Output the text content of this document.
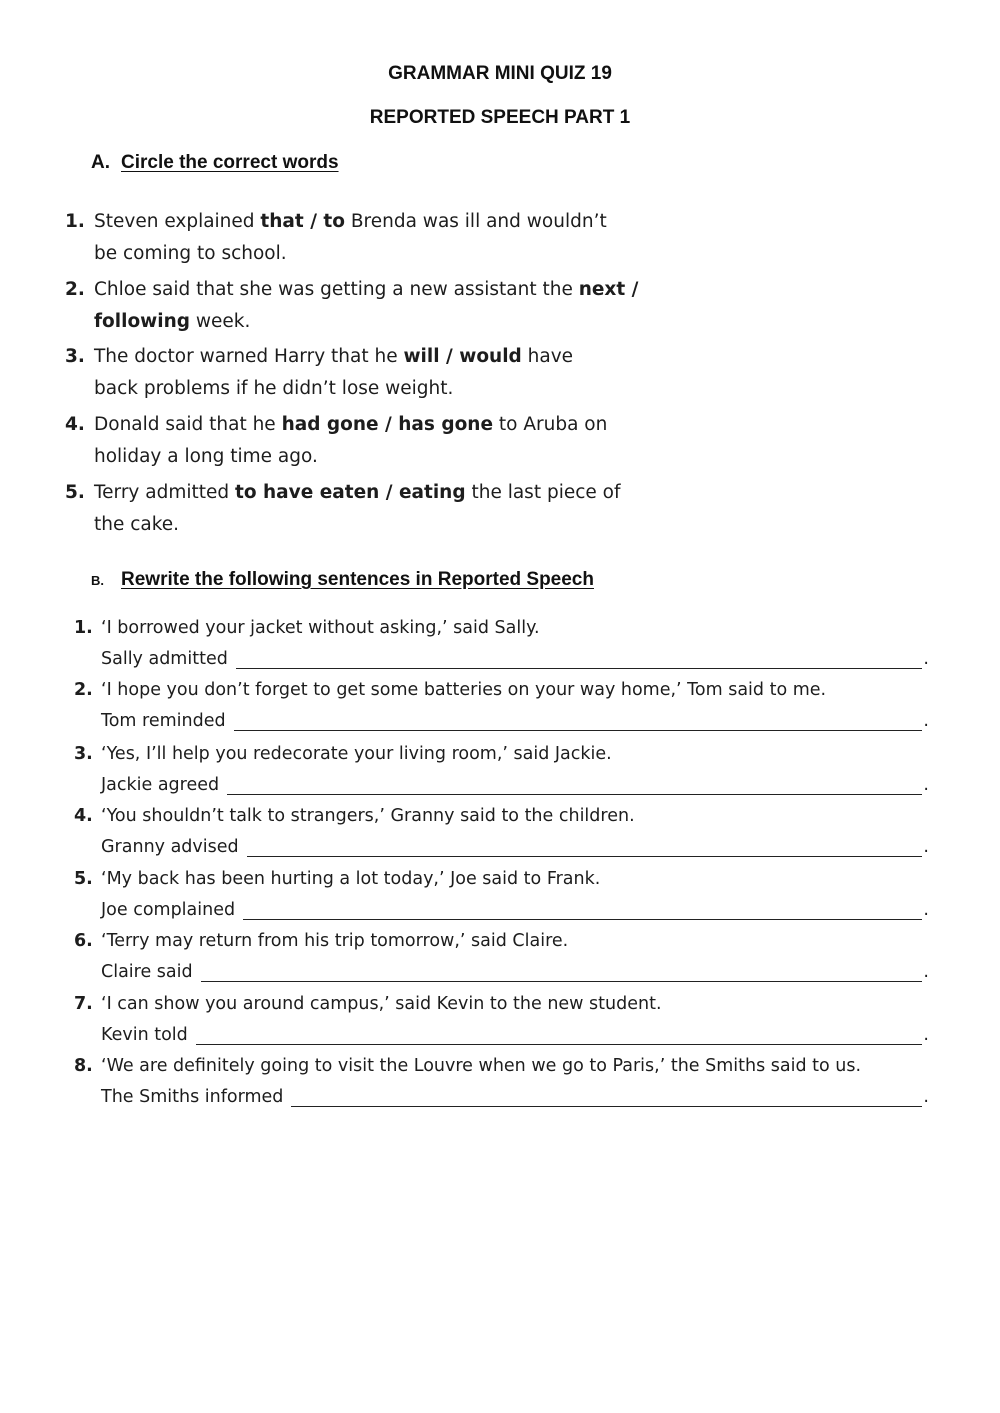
GRAMMAR MINI QUIZ 19
REPORTED SPEECH PART 1
A. Circle the correct words
1. Steven explained that / to Brenda was ill and wouldn’t
be coming to school.
2. Chloe said that she was getting a new assistant the next /
following week.
3. The doctor warned Harry that he will / would have
back problems if he didn’t lose weight.
4. Donald said that he had gone / has gone to Aruba on
holiday a long time ago.
5. Terry admitted to have eaten / eating the last piece of
the cake.
B. Rewrite the following sentences in Reported Speech
1. ‘I borrowed your jacket without asking,’ said Sally.
Sally admitted	.
2. ‘I hope you don’t forget to get some batteries on your way home,’ Tom said to me.
Tom reminded	.
3. ‘Yes, I’ll help you redecorate your living room,’ said Jackie.
Jackie agreed	.
4. ‘You shouldn’t talk to strangers,’ Granny said to the children.
Granny advised	.
5. ‘My back has been hurting a lot today,’ Joe said to Frank.
Joe complained	.
6. ‘Terry may return from his trip tomorrow,’ said Claire.
Claire said	.
7. ‘I can show you around campus,’ said Kevin to the new student.
Kevin told	.
8. ‘We are definitely going to visit the Louvre when we go to Paris,’ the Smiths said to us.
The Smiths informed	.
